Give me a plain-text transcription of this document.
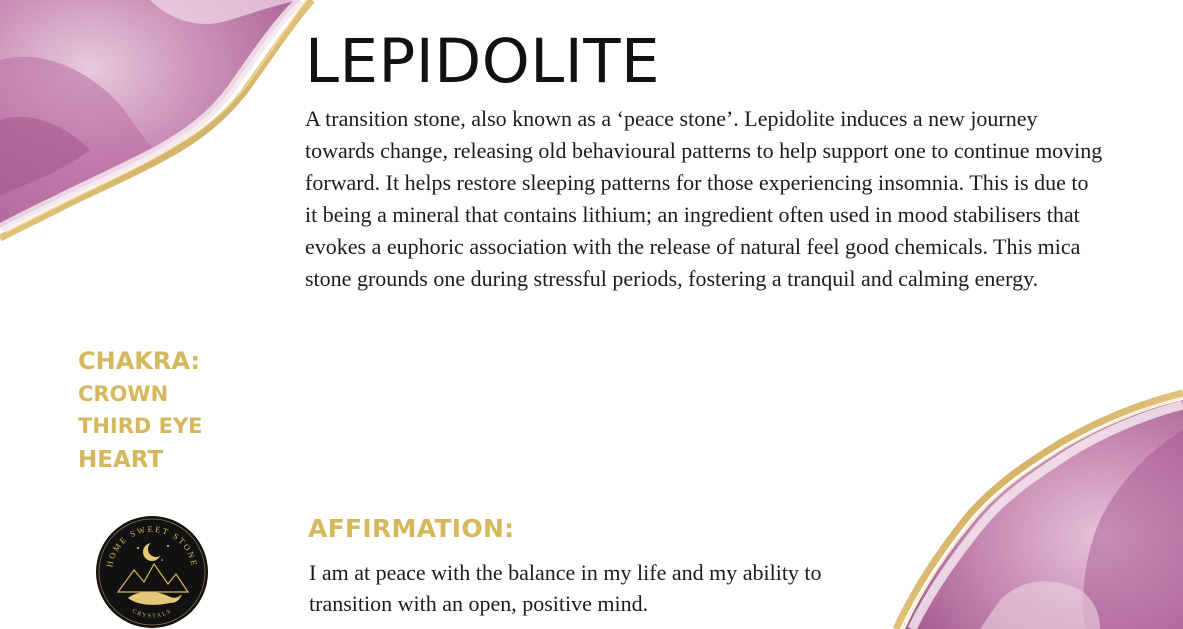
LEPIDOLITE

A transition stone, also known as a ‘peace stone’. Lepidolite induces a new journey towards change, releasing old behavioural patterns to help support one to continue moving forward. It helps restore sleeping patterns for those experiencing insomnia. This is due to it being a mineral that contains lithium; an ingredient often used in mood stabilisers that evokes a euphoric association with the release of natural feel good chemicals. This mica stone grounds one during stressful periods, fostering a tranquil and calming energy.

CHAKRA:
CROWN
THIRD EYE
HEART
HOME SWEET STONE
CRYSTALS
AFFIRMATION:

I am at peace with the balance in my life and my ability to transition with an open, positive mind.
